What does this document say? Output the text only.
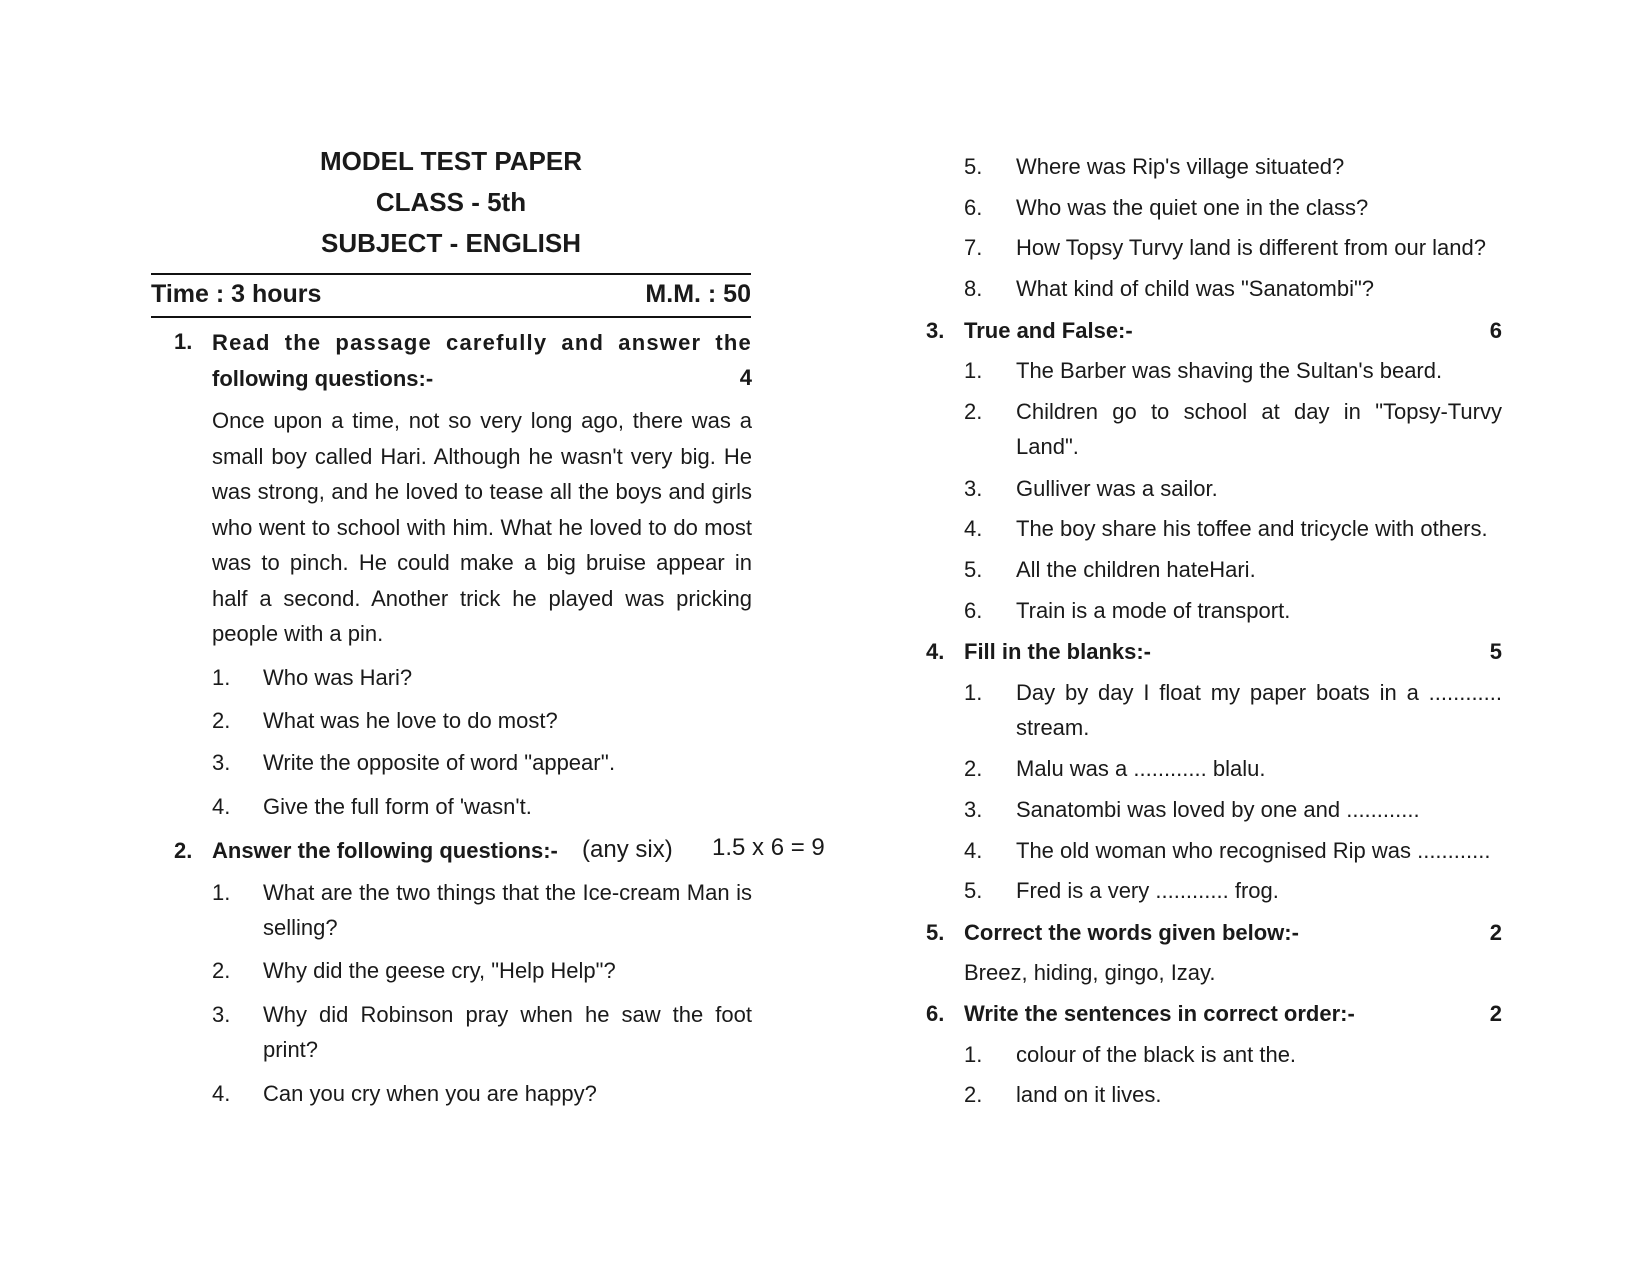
MODEL TEST PAPER
CLASS - 5th
SUBJECT - ENGLISH
Time : 3 hours	M.M. : 50
1. Read the passage carefully and answer the
following questions:-	4
Once upon a time, not so very long ago, there was a small boy called Hari. Although he wasn't very big. He was strong, and he loved to tease all the boys and girls who went to school with him. What he loved to do most was to pinch. He could make a big bruise appear in half a second. Another trick he played was pricking people with a pin.
1. Who was Hari?
2. What was he love to do most?
3. Write the opposite of word "appear''.
4. Give the full form of 'wasn't.
2. Answer the following questions:- (any six) 1.5 x 6 = 9
1. What are the two things that the Ice-cream Man is selling?
2. Why did the geese cry, "Help Help"?
3. Why did Robinson pray when he saw the foot print?
4. Can you cry when you are happy?
5. Where was Rip's village situated?
6. Who was the quiet one in the class?
7. How Topsy Turvy land is different from our land?
8. What kind of child was "Sanatombi"?
3. True and False:-	6
1. The Barber was shaving the Sultan's beard.
2. Children go to school at day in "Topsy-Turvy Land".
3. Gulliver was a sailor.
4. The boy share his toffee and tricycle with others.
5. All the children hateHari.
6. Train is a mode of transport.
4. Fill in the blanks:-	5
1. Day by day I float my paper boats in a ............ stream.
2. Malu was a ............ blalu.
3. Sanatombi was loved by one and ............
4. The old woman who recognised Rip was ............
5. Fred is a very ............ frog.
5. Correct the words given below:-	2
Breez, hiding, gingo, Izay.
6. Write the sentences in correct order:-	2
1. colour of the black is ant the.
2. land on it lives.
